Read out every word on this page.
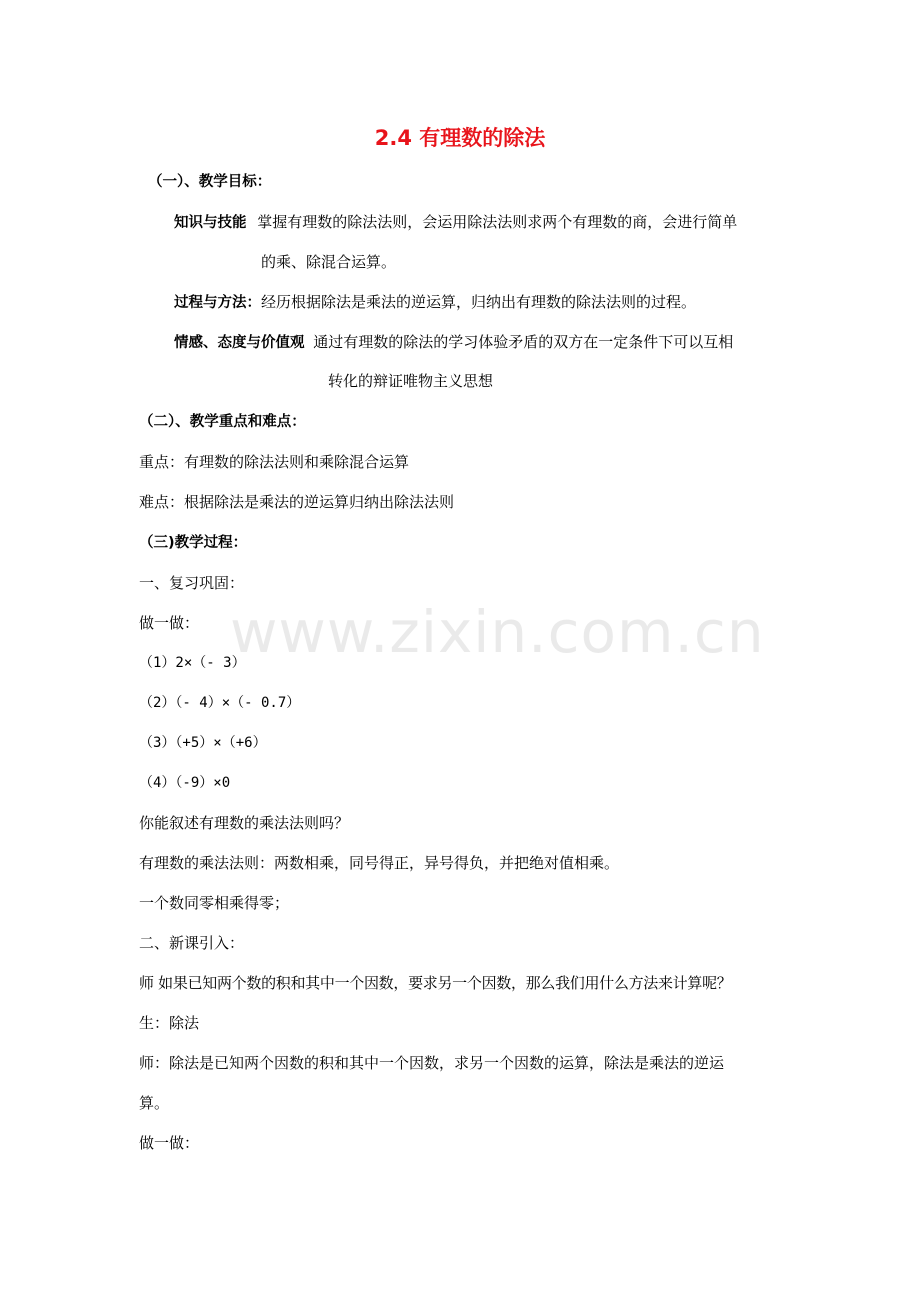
www.zixin.com.cn
2.4 有理数的除法
（一）、教学目标：
知识与技能 掌握有理数的除法法则，会运用除法法则求两个有理数的商，会进行简单
的乘、除混合运算。
过程与方法：经历根据除法是乘法的逆运算，归纳出有理数的除法法则的过程。
情感、态度与价值观 通过有理数的除法的学习体验矛盾的双方在一定条件下可以互相
转化的辩证唯物主义思想
（二）、教学重点和难点：
重点：有理数的除法法则和乘除混合运算
难点：根据除法是乘法的逆运算归纳出除法法则
（三)教学过程：
一、复习巩固：
做一做：
（1）2×（- 3）
（2）（- 4）×（- 0.7）
（3）（+5）×（+6）
（4）（-9）×0
你能叙述有理数的乘法法则吗？
有理数的乘法法则：两数相乘，同号得正，异号得负，并把绝对值相乘。
一个数同零相乘得零；
二、新课引入：
师 如果已知两个数的积和其中一个因数，要求另一个因数，那么我们用什么方法来计算呢？
生：除法
师：除法是已知两个因数的积和其中一个因数，求另一个因数的运算，除法是乘法的逆运
算。
做一做：
